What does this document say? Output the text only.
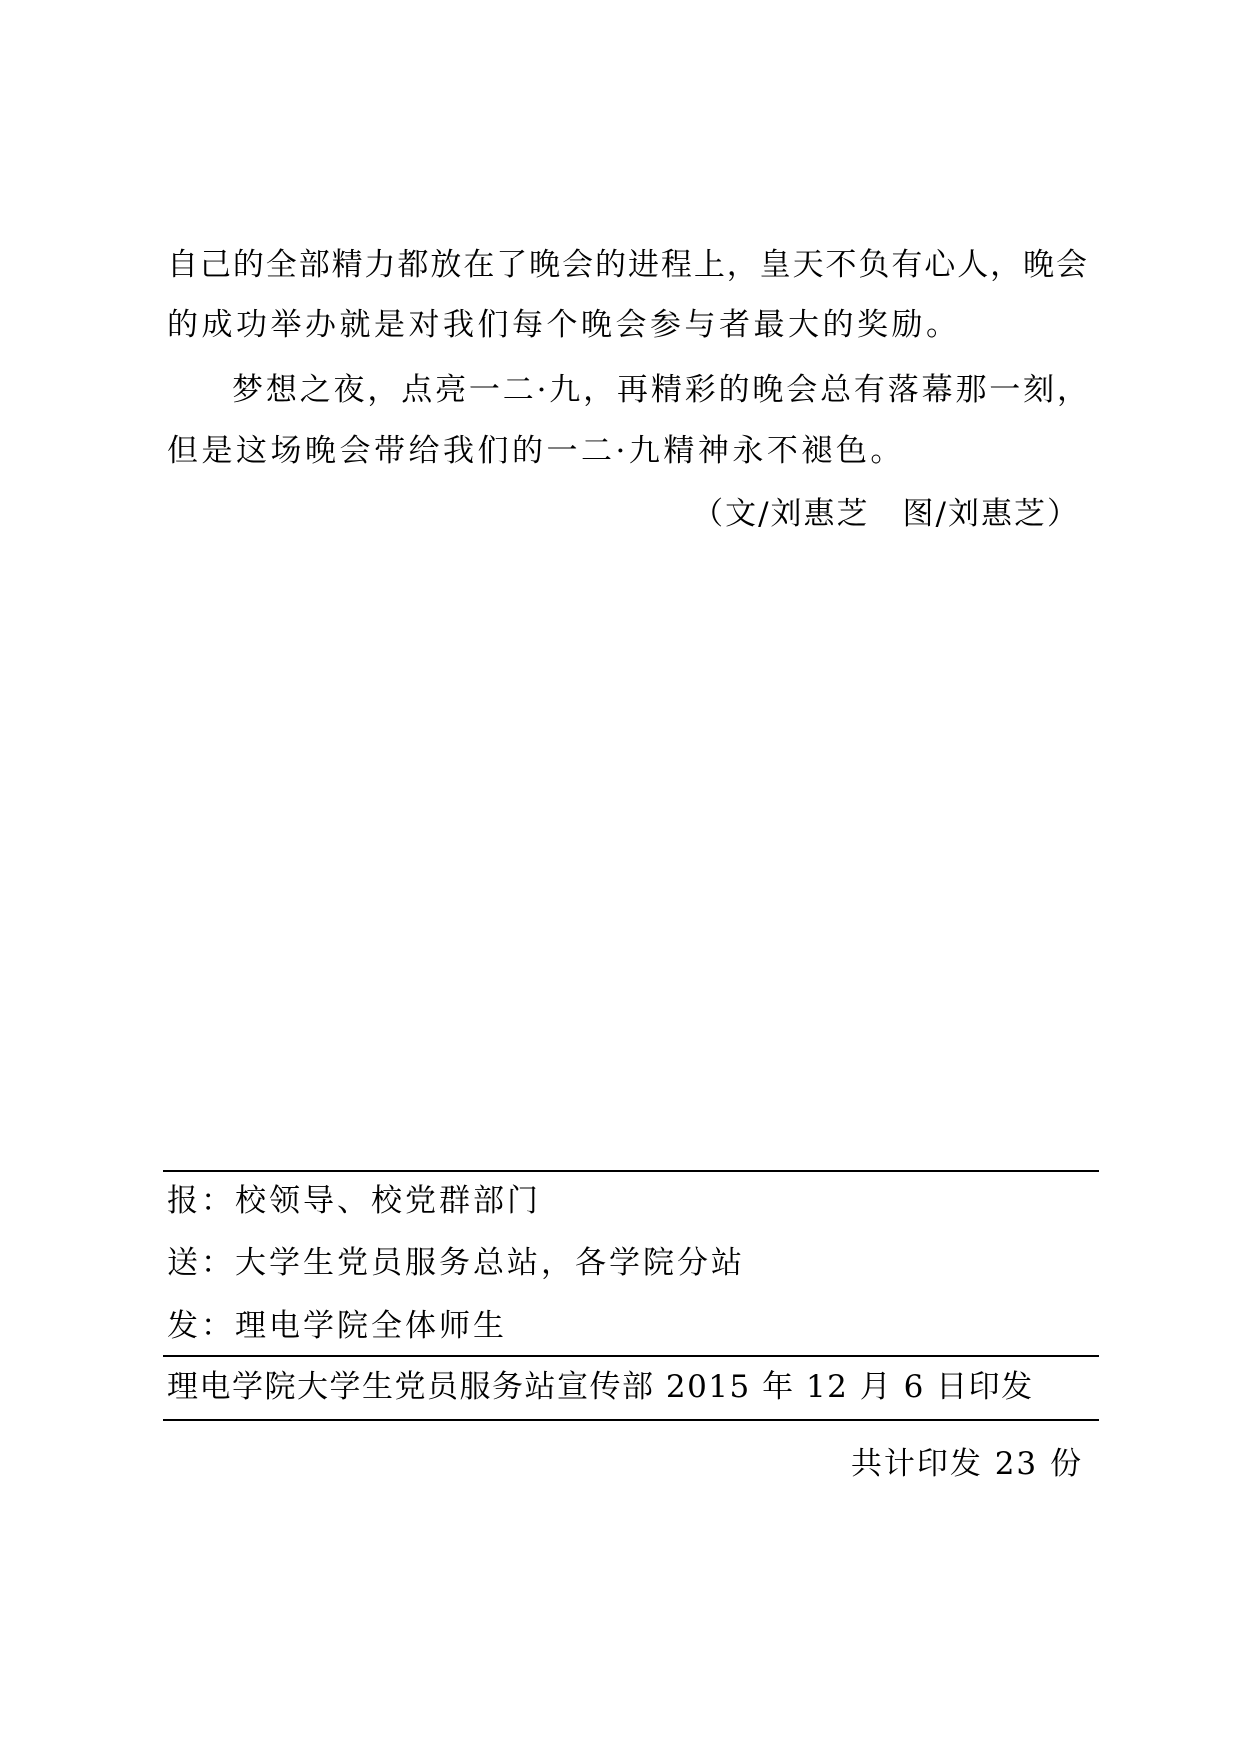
自己的全部精力都放在了晚会的进程上，皇天不负有心人，晚会
的成功举办就是对我们每个晚会参与者最大的奖励。
梦想之夜，点亮一二·九，再精彩的晚会总有落幕那一刻，
但是这场晚会带给我们的一二·九精神永不褪色。
（文/刘惠芝　图/刘惠芝）
报：校领导、校党群部门
送：大学生党员服务总站，各学院分站
发：理电学院全体师生
理电学院大学生党员服务站宣传部 2015 年 12 月 6 日印发
共计印发 23 份
